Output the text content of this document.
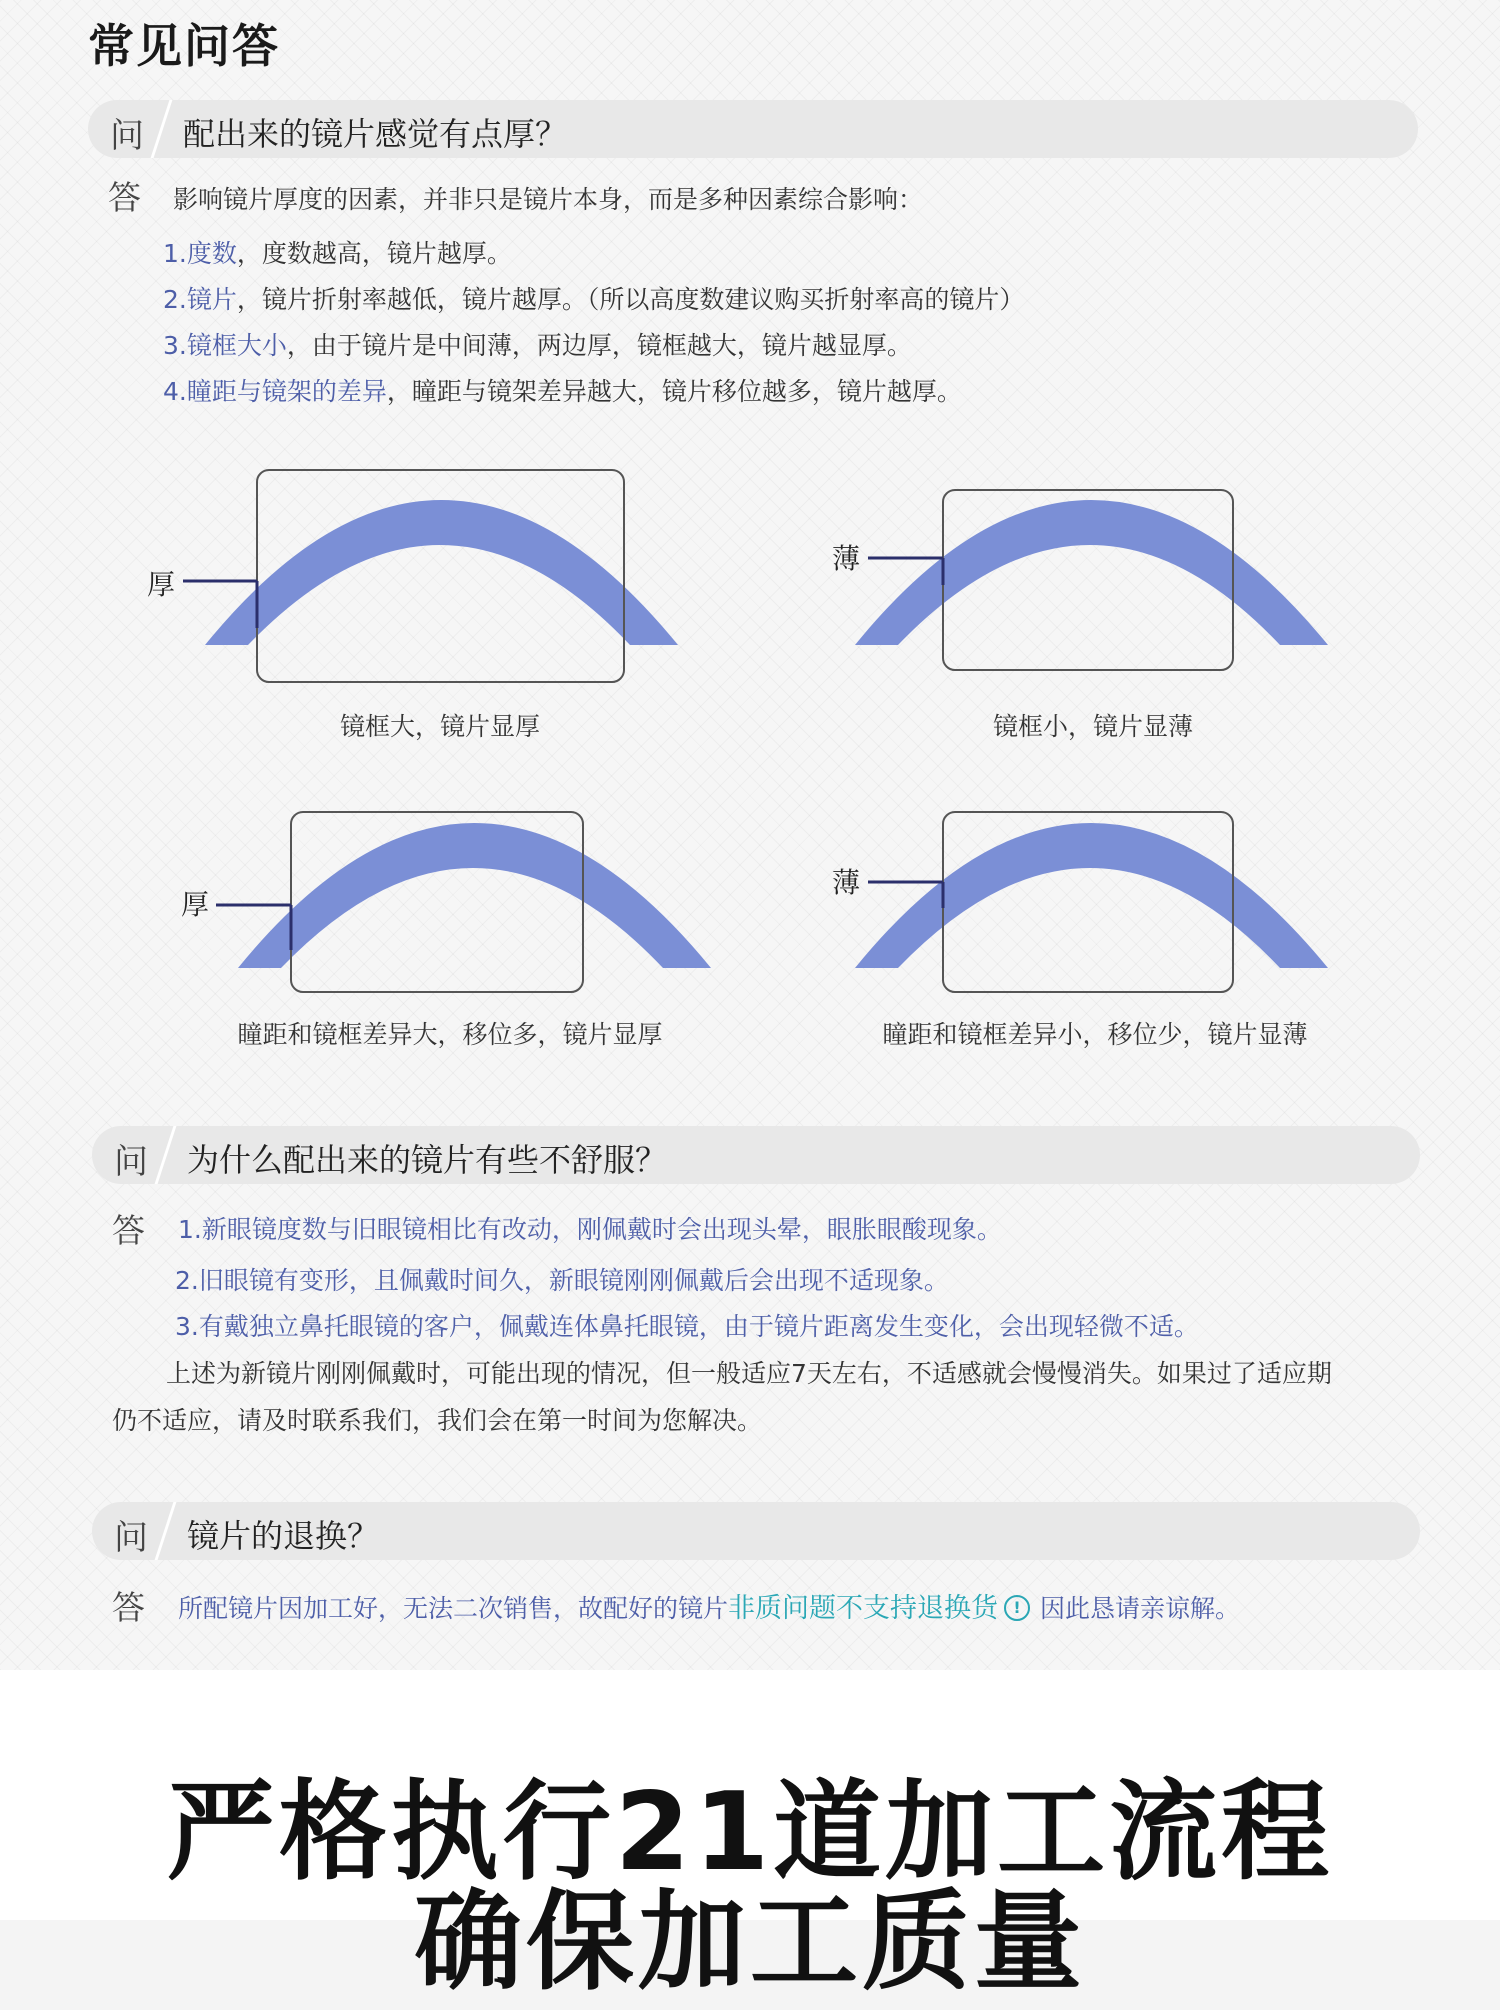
常见问答
问 配出来的镜片感觉有点厚？
答 影响镜片厚度的因素，并非只是镜片本身，而是多种因素综合影响：
1.度数，度数越高，镜片越厚。
2.镜片，镜片折射率越低，镜片越厚。（所以高度数建议购买折射率高的镜片）
3.镜框大小，由于镜片是中间薄，两边厚，镜框越大，镜片越显厚。
4.瞳距与镜架的差异，瞳距与镜架差异越大，镜片移位越多，镜片越厚。
厚
薄
厚
薄
镜框大，镜片显厚	镜框小，镜片显薄
瞳距和镜框差异大，移位多，镜片显厚	瞳距和镜框差异小，移位少，镜片显薄
问 为什么配出来的镜片有些不舒服？
答 1.新眼镜度数与旧眼镜相比有改动，刚佩戴时会出现头晕，眼胀眼酸现象。
2.旧眼镜有变形，且佩戴时间久，新眼镜刚刚佩戴后会出现不适现象。
3.有戴独立鼻托眼镜的客户，佩戴连体鼻托眼镜，由于镜片距离发生变化，会出现轻微不适。
上述为新镜片刚刚佩戴时，可能出现的情况，但一般适应7天左右，不适感就会慢慢消失。如果过了适应期
仍不适应，请及时联系我们，我们会在第一时间为您解决。
问 镜片的退换？
答 所配镜片因加工好，无法二次销售，故配好的镜片非质问题不支持退换货 ! 因此恳请亲谅解。
严格执行21道加工流程
确保加工质量
